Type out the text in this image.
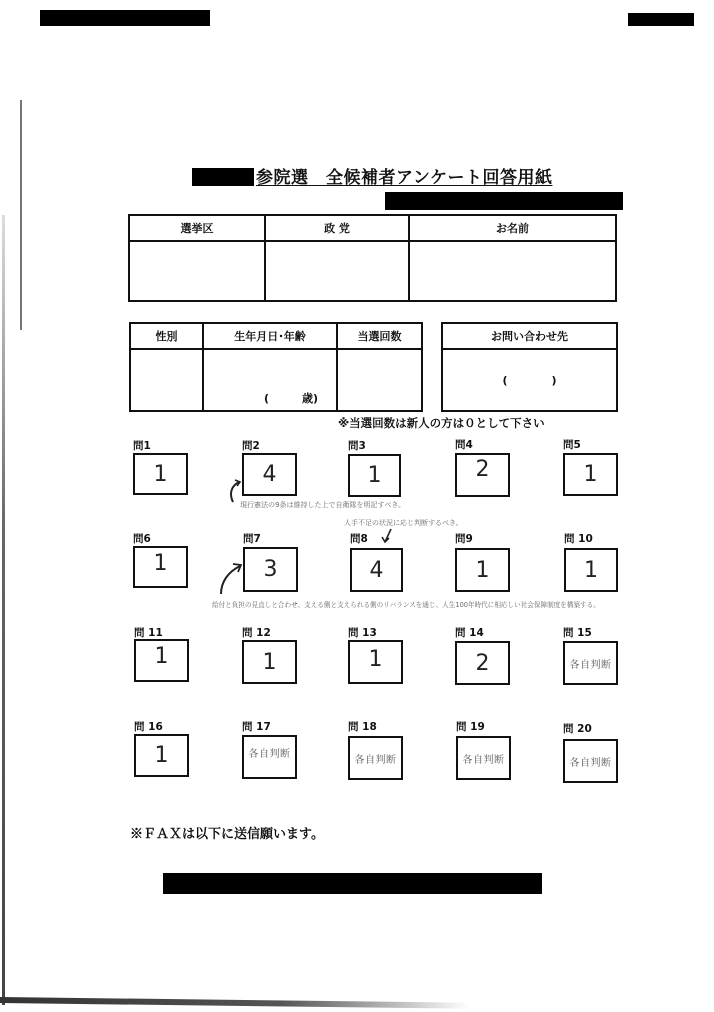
参院選　全候補者アンケート回答用紙
選挙区	政 党	お名前

性別	生年月日･年齢	当選回数
	(　　　歳)	
お問い合わせ先
(　　　　)
※当選回数は新人の方は０として下さい
問1
1
問2
4
問3
1
問4
2
問5
1
現行憲法の9条は維持した上で自衛隊を明記すべき。
人手不足の状況に応じ判断するべき。
問6
1
問7
3
問8
4
問9
1
問 10
1
給付と負担の見直しと合わせ、支える側と支えられる側のリバランスを通じ、人生100年時代に相応しい社会保障制度を構築する。
問 11
1
問 12
1
問 13
1
問 14
2
問 15
各自判断
問 16
1
問 17
各自判断
問 18
各自判断
問 19
各自判断
問 20
各自判断
※ＦＡＸは以下に送信願います。
